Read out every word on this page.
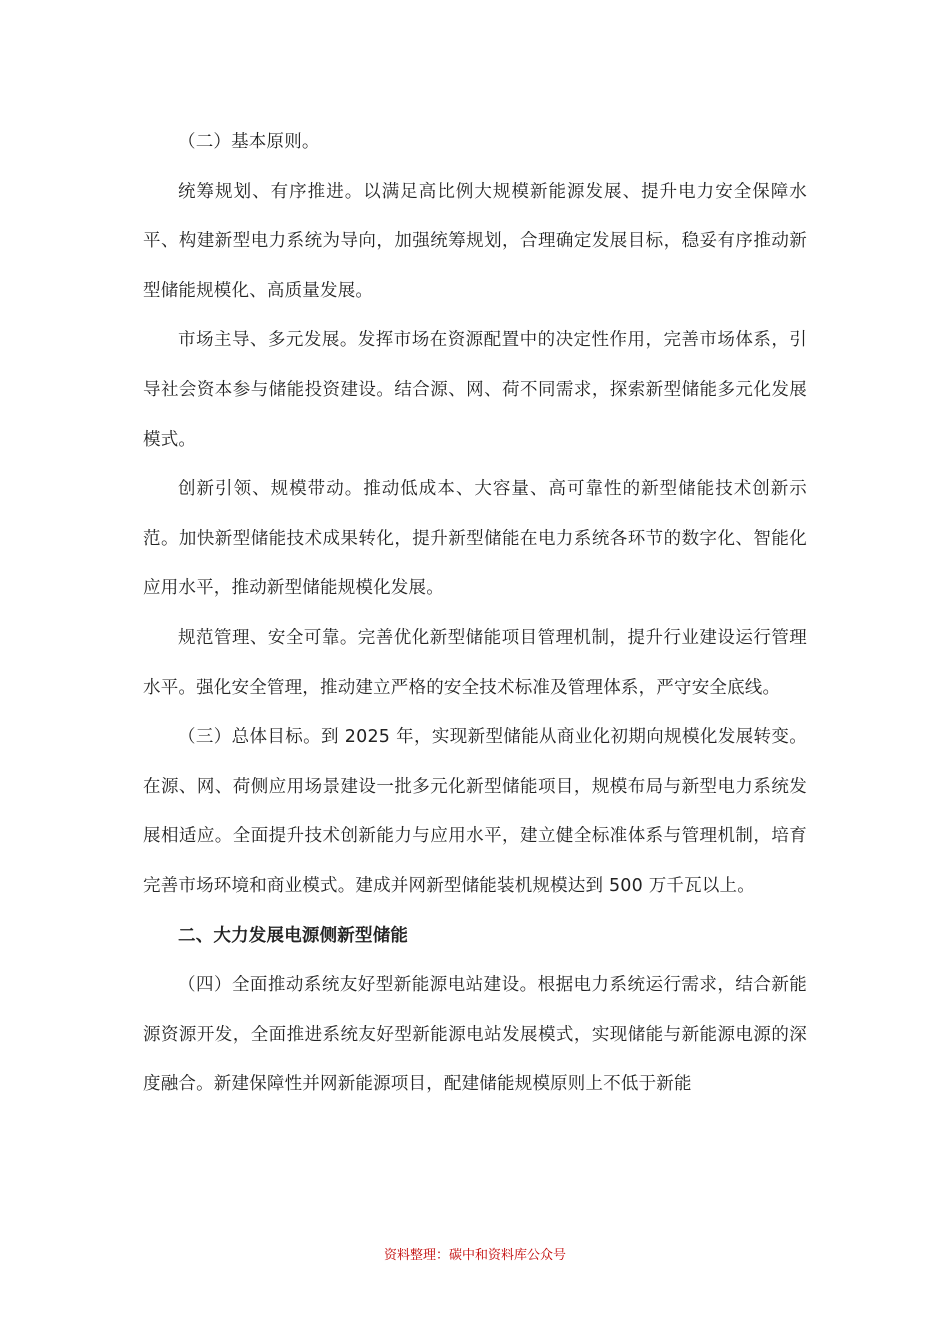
（二）基本原则。

统筹规划、有序推进。以满足高比例大规模新能源发展、提升电力安全保障水平、构建新型电力系统为导向，加强统筹规划，合理确定发展目标，稳妥有序推动新型储能规模化、高质量发展。

市场主导、多元发展。发挥市场在资源配置中的决定性作用，完善市场体系，引导社会资本参与储能投资建设。结合源、网、荷不同需求，探索新型储能多元化发展模式。

创新引领、规模带动。推动低成本、大容量、高可靠性的新型储能技术创新示范。加快新型储能技术成果转化，提升新型储能在电力系统各环节的数字化、智能化应用水平，推动新型储能规模化发展。

规范管理、安全可靠。完善优化新型储能项目管理机制，提升行业建设运行管理水平。强化安全管理，推动建立严格的安全技术标准及管理体系，严守安全底线。

（三）总体目标。到 2025 年，实现新型储能从商业化初期向规模化发展转变。在源、网、荷侧应用场景建设一批多元化新型储能项目，规模布局与新型电力系统发展相适应。全面提升技术创新能力与应用水平，建立健全标准体系与管理机制，培育完善市场环境和商业模式。建成并网新型储能装机规模达到 500 万千瓦以上。

二、大力发展电源侧新型储能

（四）全面推动系统友好型新能源电站建设。根据电力系统运行需求，结合新能源资源开发，全面推进系统友好型新能源电站发展模式，实现储能与新能源电源的深度融合。新建保障性并网新能源项目，配建储能规模原则上不低于新能

资料整理：碳中和资料库公众号
